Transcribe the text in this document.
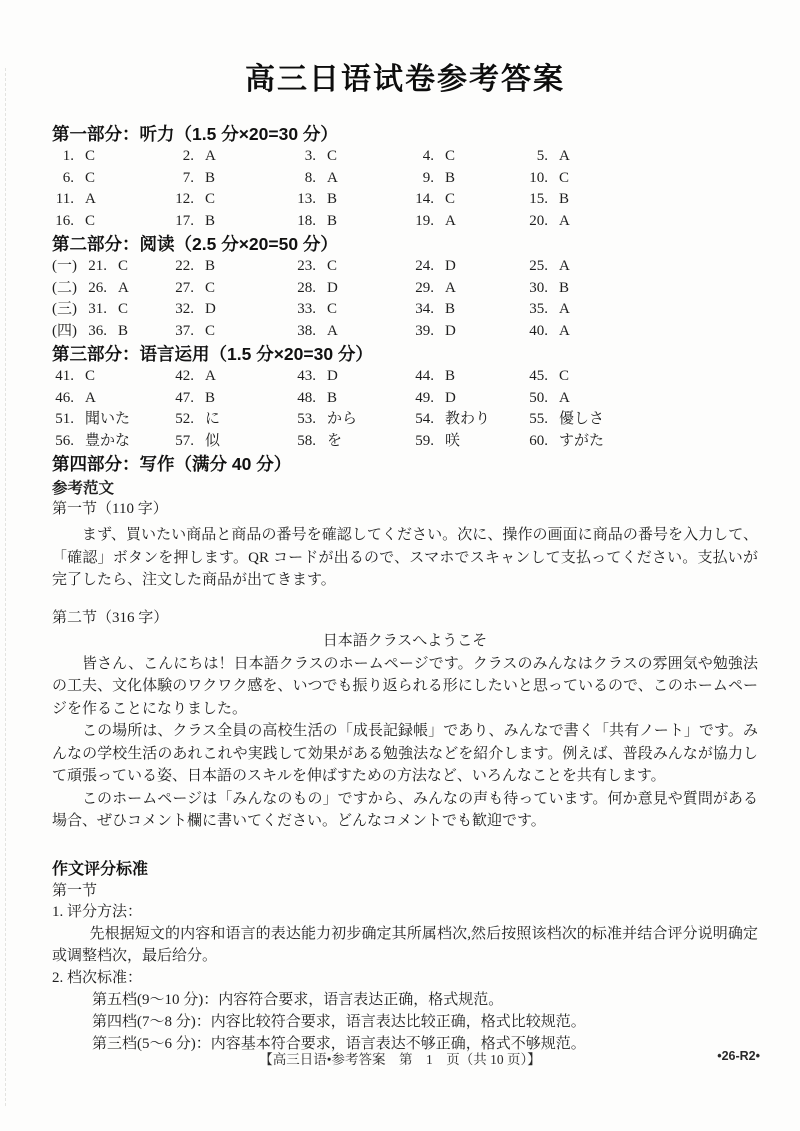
高三日语试卷参考答案
第一部分：听力（1.5 分×20=30 分）
1. C	2. A	3. C	4. C	5. A
6. C	7. B	8. A	9. B	10. C
11. A	12. C	13. B	14. C	15. B
16. C	17. B	18. B	19. A	20. A
第二部分：阅读（2.5 分×20=50 分）
(一) 21. C	22. B	23. C	24. D	25. A
(二) 26. A	27. C	28. D	29. A	30. B
(三) 31. C	32. D	33. C	34. B	35. A
(四) 36. B	37. C	38. A	39. D	40. A
第三部分：语言运用（1.5 分×20=30 分）
41. C	42. A	43. D	44. B	45. C
46. A	47. B	48. B	49. D	50. A
51. 聞いた	52. に	53. から	54. 教わり	55. 優しさ
56. 豊かな	57. 似	58. を	59. 咲	60. すがた
第四部分：写作（满分 40 分）
参考范文
第一节（110 字）

まず、買いたい商品と商品の番号を確認してください。次に、操作の画面に商品の番号を入力して、「確認」ボタンを押します。QR コードが出るので、スマホでスキャンして支払ってください。支払いが完了したら、注文した商品が出てきます。

第二节（316 字）
日本語クラスへようこそ

皆さん、こんにちは！日本語クラスのホームページです。クラスのみんなはクラスの雰囲気や勉強法の工夫、文化体験のワクワク感を、いつでも振り返られる形にしたいと思っているので、このホームページを作ることになりました。

この場所は、クラス全員の高校生活の「成長記録帳」であり、みんなで書く「共有ノート」です。みんなの学校生活のあれこれや実践して効果がある勉強法などを紹介します。例えば、普段みんなが協力して頑張っている姿、日本語のスキルを伸ばすための方法など、いろんなことを共有します。

このホームページは「みんなのもの」ですから、みんなの声も待っています。何か意見や質問がある場合、ぜひコメント欄に書いてください。どんなコメントでも歓迎です。

作文评分标准
第一节
1. 评分方法：

先根据短文的内容和语言的表达能力初步确定其所属档次,然后按照该档次的标准并结合评分说明确定或调整档次，最后给分。

2. 档次标准：
第五档(9～10 分)：内容符合要求，语言表达正确，格式规范。
第四档(7～8 分)：内容比较符合要求，语言表达比较正确，格式比较规范。
第三档(5～6 分)：内容基本符合要求，语言表达不够正确，格式不够规范。
【高三日语•参考答案　第　1　页（共 10 页）】	•26-R2•
